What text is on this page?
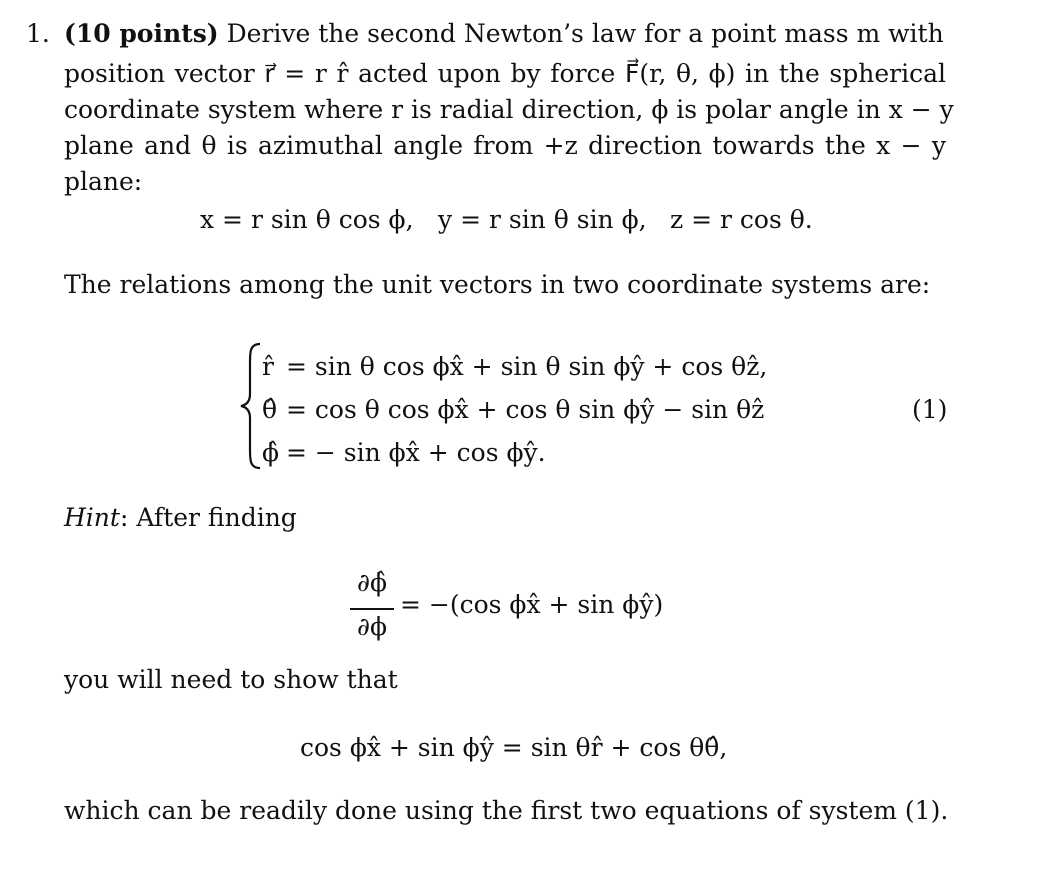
1. (10 points) Derive the second Newton’s law for a point mass m with
position vector r⃗ = r r̂ acted upon by force F⃗(r, θ, ϕ) in the spherical
coordinate system where r is radial direction, ϕ is polar angle in x − y
plane and θ is azimuthal angle from +z direction towards the x − y
plane:
x = r sin θ cos ϕ, y = r sin θ sin ϕ, z = r cos θ.
The relations among the unit vectors in two coordinate systems are:
r̂ = sin θ cos ϕx̂ + sin θ sin ϕŷ + cos θẑ,
θ̂ = cos θ cos ϕx̂ + cos θ sin ϕŷ − sin θẑ
ϕ̂ = − sin ϕx̂ + cos ϕŷ.
(1)
Hint: After finding
∂ϕ̂
∂ϕ
= −(cos ϕx̂ + sin ϕŷ)
you will need to show that
cos ϕx̂ + sin ϕŷ = sin θr̂ + cos θθ̂,
which can be readily done using the first two equations of system (1).
